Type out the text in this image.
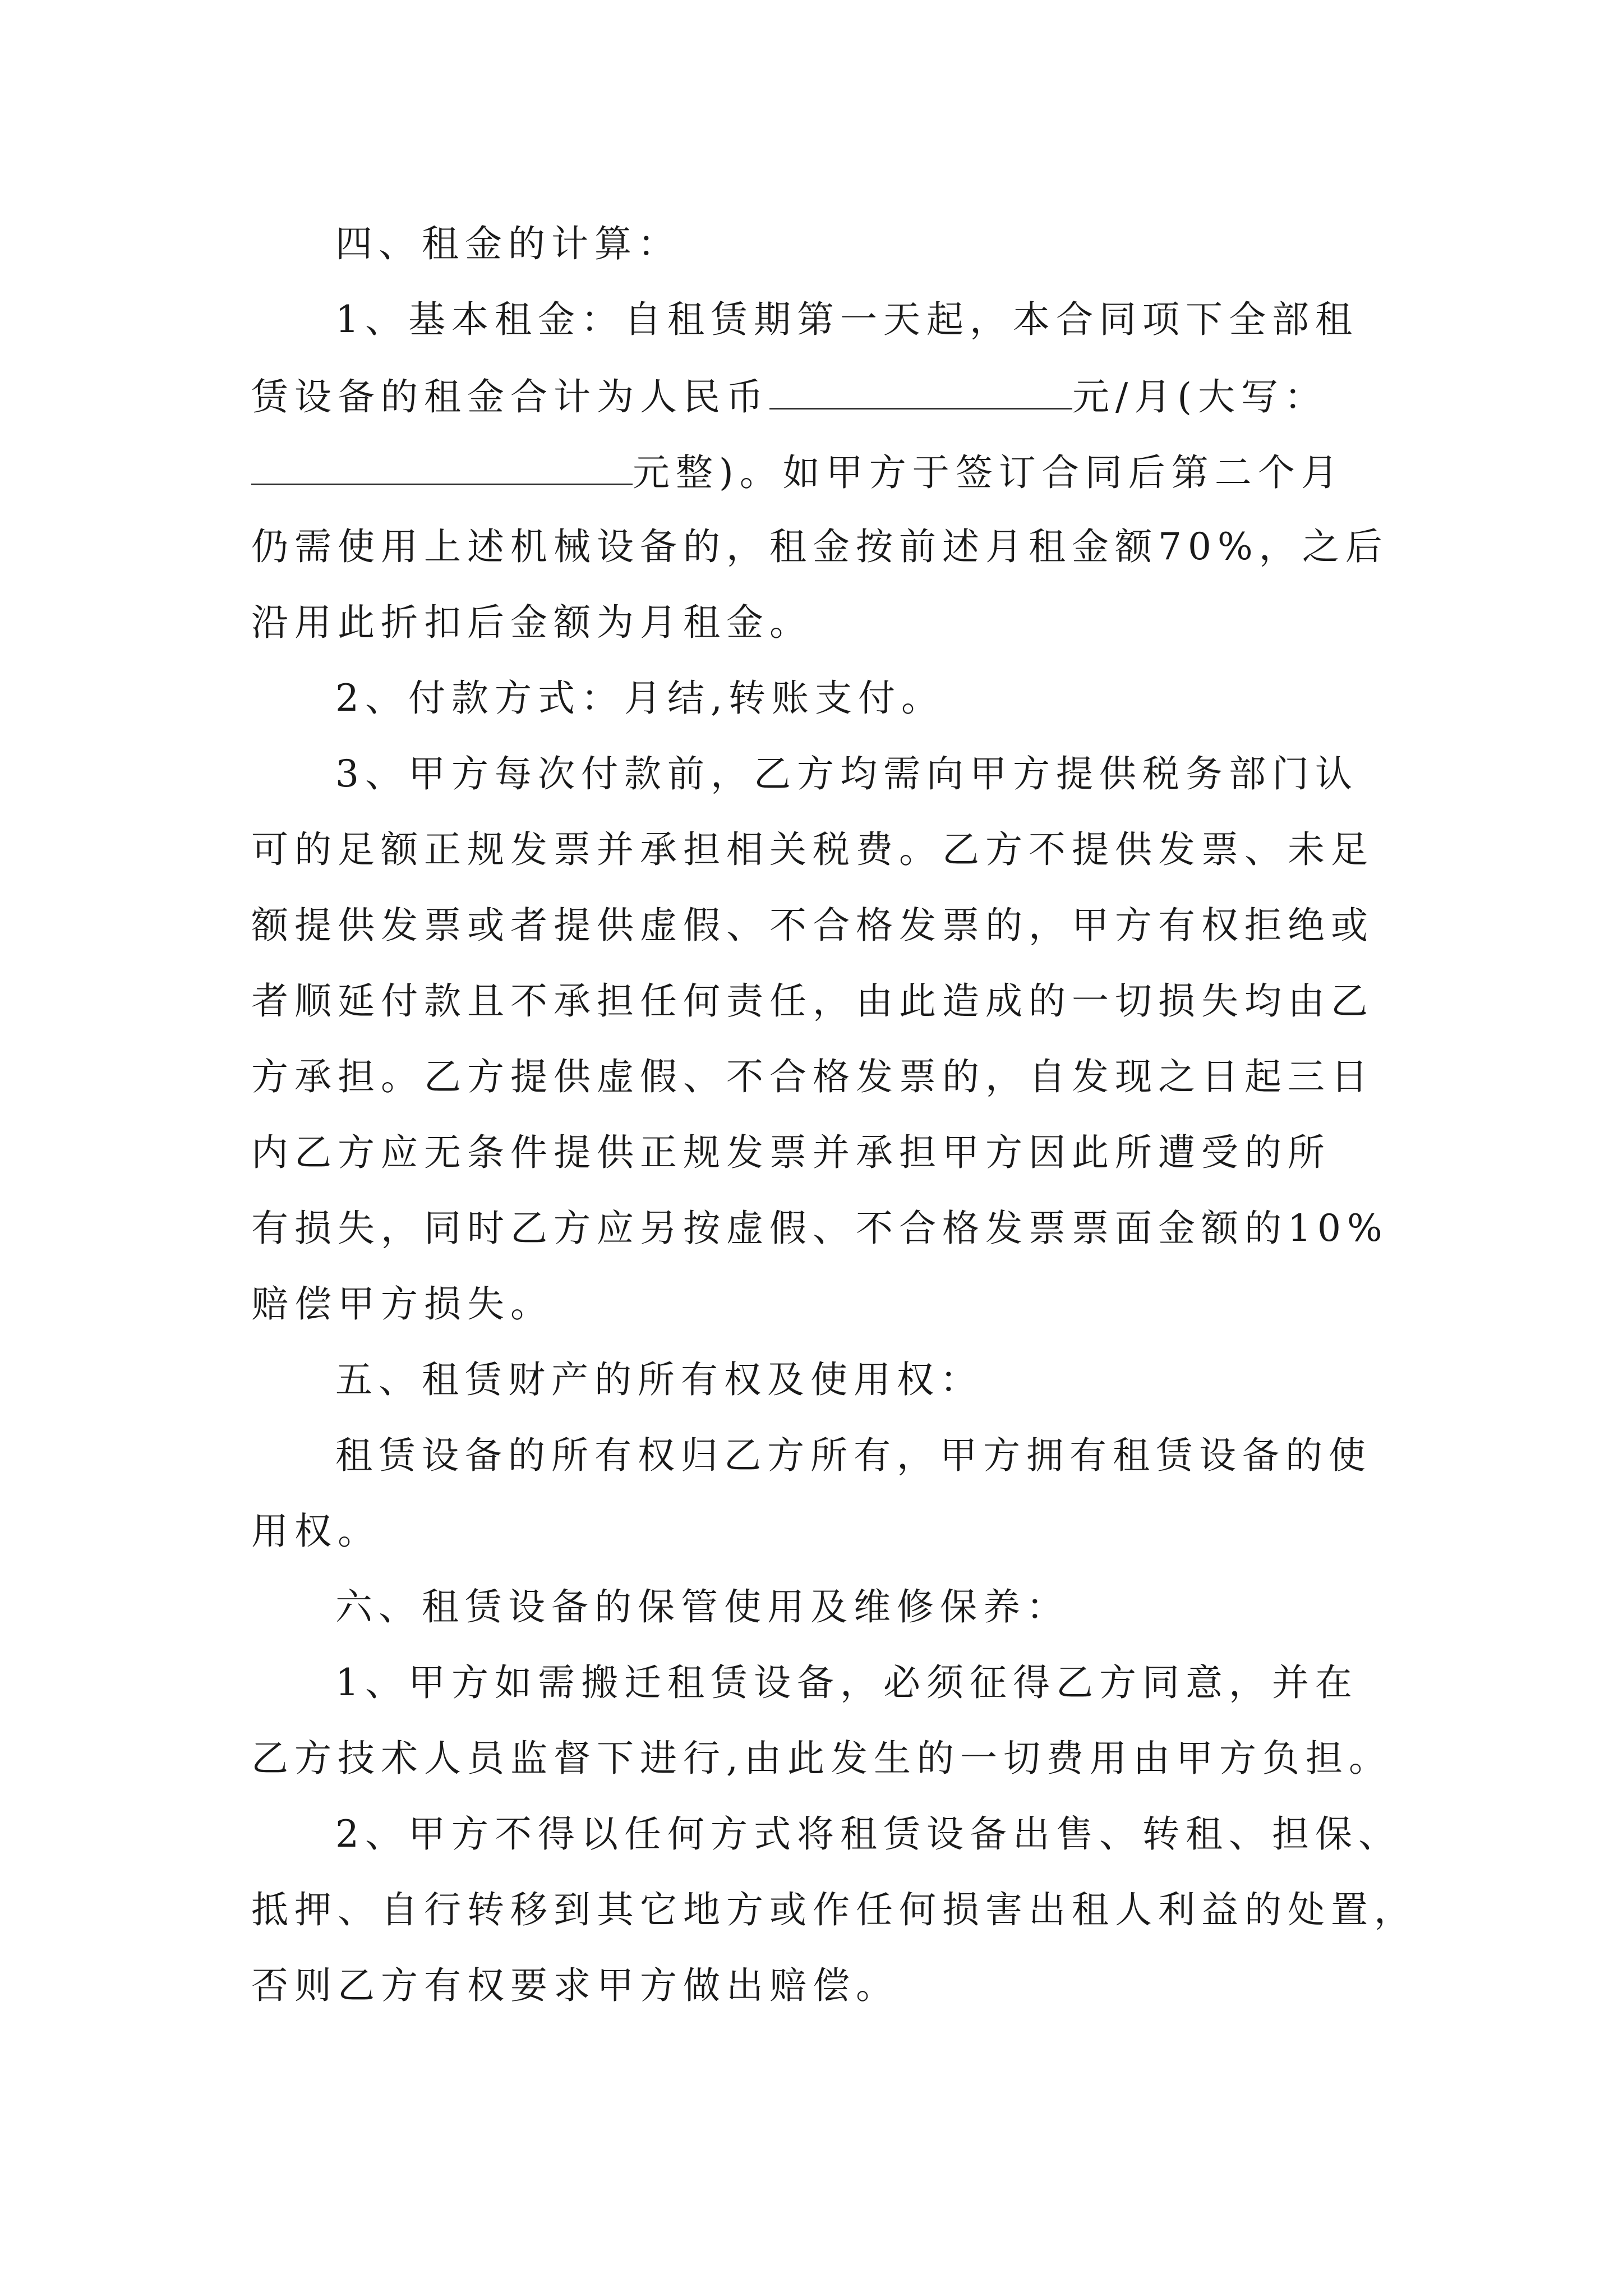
四、租金的计算：
1、基本租金：自租赁期第一天起，本合同项下全部租
赁设备的租金合计为人民币	元/月(大写：
元整)。如甲方于签订合同后第二个月
仍需使用上述机械设备的，租金按前述月租金额70%，之后
沿用此折扣后金额为月租金。
2、付款方式：月结,转账支付。
3、甲方每次付款前，乙方均需向甲方提供税务部门认
可的足额正规发票并承担相关税费。乙方不提供发票、未足
额提供发票或者提供虚假、不合格发票的，甲方有权拒绝或
者顺延付款且不承担任何责任，由此造成的一切损失均由乙
方承担。乙方提供虚假、不合格发票的，自发现之日起三日
内乙方应无条件提供正规发票并承担甲方因此所遭受的所
有损失，同时乙方应另按虚假、不合格发票票面金额的10%
赔偿甲方损失。
五、租赁财产的所有权及使用权：
租赁设备的所有权归乙方所有，甲方拥有租赁设备的使
用权。
六、租赁设备的保管使用及维修保养：
1、甲方如需搬迁租赁设备，必须征得乙方同意，并在
乙方技术人员监督下进行,由此发生的一切费用由甲方负担。
2、甲方不得以任何方式将租赁设备出售、转租、担保、
抵押、自行转移到其它地方或作任何损害出租人利益的处置，
否则乙方有权要求甲方做出赔偿。
